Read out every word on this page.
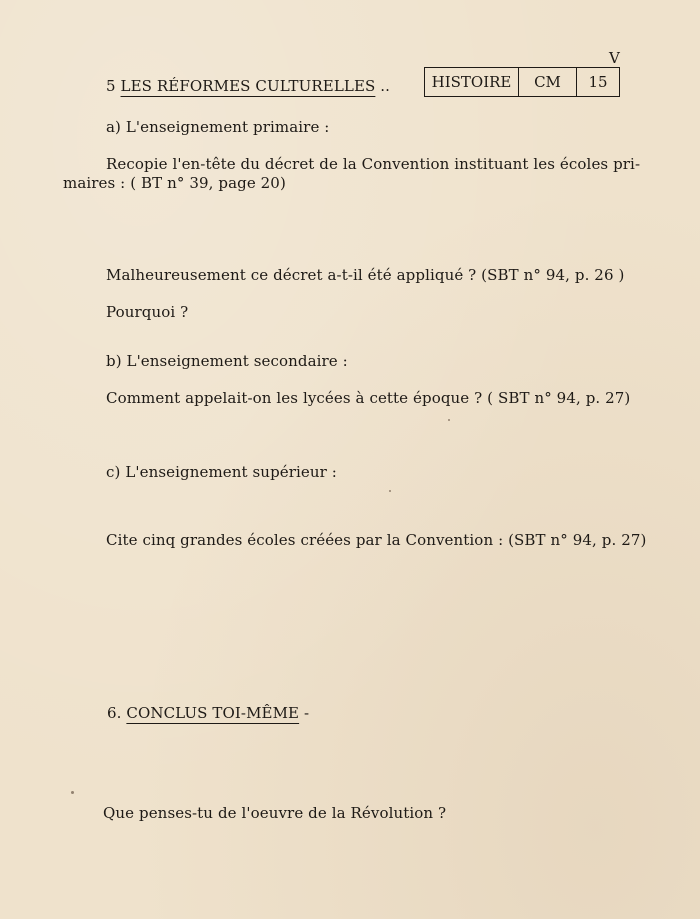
V
HISTOIRE	CM	15
5 LES RÉFORMES CULTURELLES ..
a) L'enseignement primaire :
Recopie l'en-tête du décret de la Convention instituant les écoles pri-
maires : ( BT n° 39, page 20)
Malheureusement ce décret a-t-il été appliqué ? (SBT n° 94, p. 26 )
Pourquoi ?
b) L'enseignement secondaire :
Comment appelait-on les lycées à cette époque ? ( SBT n° 94, p. 27)
c) L'enseignement supérieur :
Cite cinq grandes écoles créées par la Convention : (SBT n° 94, p. 27)
6. CONCLUS TOI-MÊME -
Que penses-tu de l'oeuvre de la Révolution ?
